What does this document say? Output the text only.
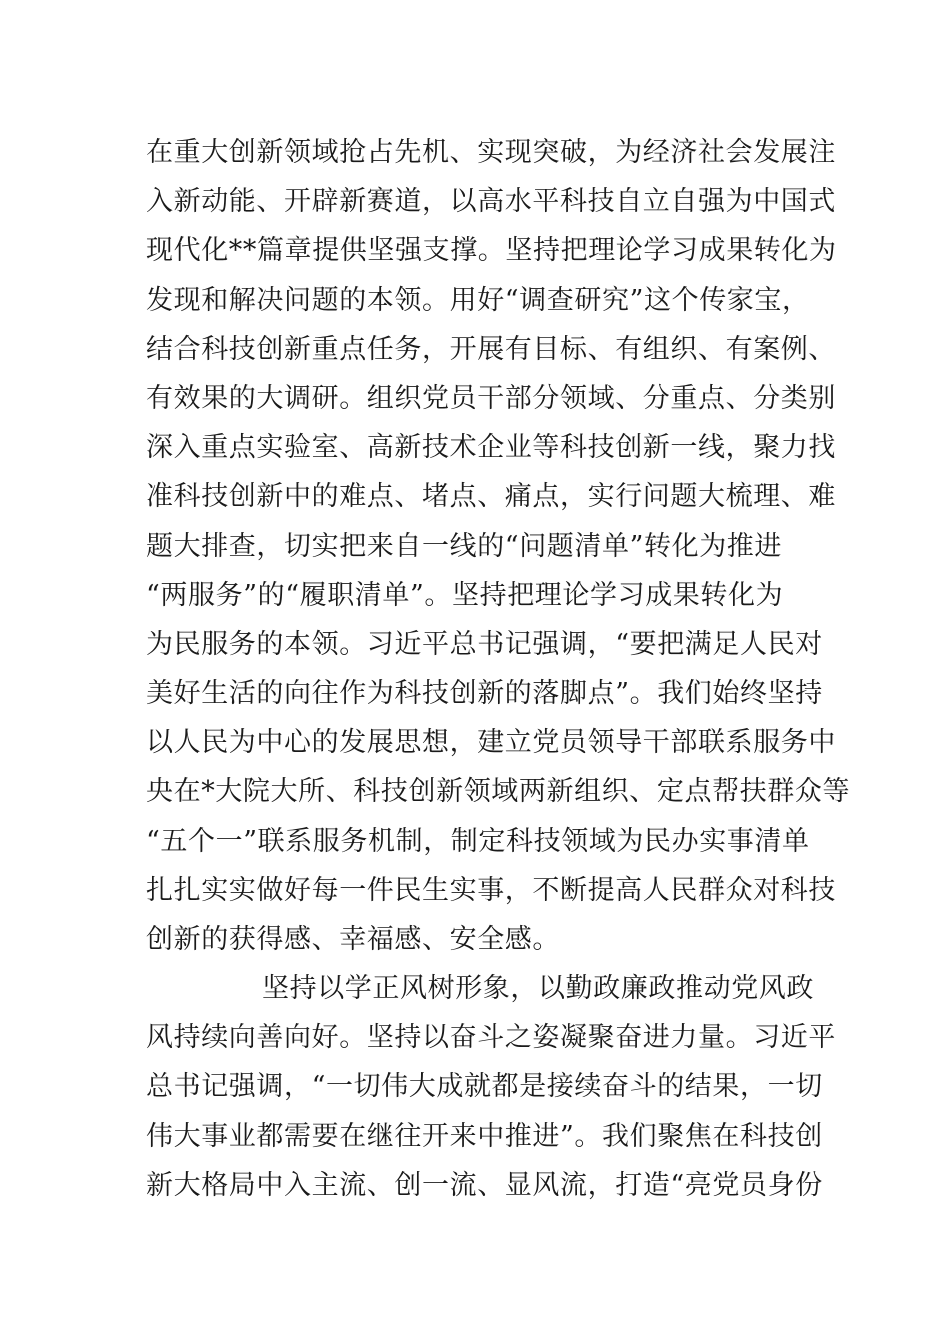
在重大创新领域抢占先机、实现突破，为经济社会发展注
入新动能、开辟新赛道，以高水平科技自立自强为中国式
现代化**篇章提供坚强支撑。坚持把理论学习成果转化为
发现和解决问题的本领。用好“调查研究”这个传家宝，
结合科技创新重点任务，开展有目标、有组织、有案例、
有效果的大调研。组织党员干部分领域、分重点、分类别
深入重点实验室、高新技术企业等科技创新一线，聚力找
准科技创新中的难点、堵点、痛点，实行问题大梳理、难
题大排查，切实把来自一线的“问题清单”转化为推进
“两服务”的“履职清单”。坚持把理论学习成果转化为
为民服务的本领。习近平总书记强调，“要把满足人民对
美好生活的向往作为科技创新的落脚点”。我们始终坚持
以人民为中心的发展思想，建立党员领导干部联系服务中
央在*大院大所、科技创新领域两新组织、定点帮扶群众等
“五个一”联系服务机制，制定科技领域为民办实事清单
扎扎实实做好每一件民生实事，不断提高人民群众对科技
创新的获得感、幸福感、安全感。
坚持以学正风树形象，以勤政廉政推动党风政
风持续向善向好。坚持以奋斗之姿凝聚奋进力量。习近平
总书记强调，“一切伟大成就都是接续奋斗的结果，一切
伟大事业都需要在继往开来中推进”。我们聚焦在科技创
新大格局中入主流、创一流、显风流，打造“亮党员身份
